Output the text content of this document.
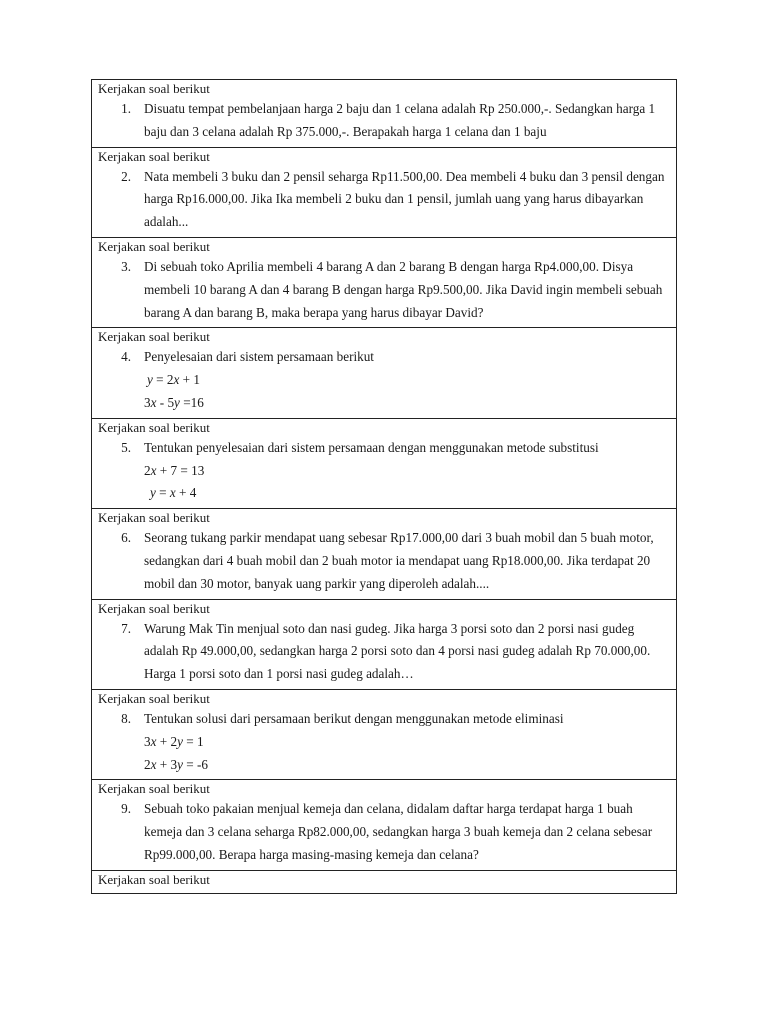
Kerjakan soal berikut
1. Disuatu tempat pembelanjaan harga 2 baju dan 1 celana adalah Rp 250.000,-. Sedangkan harga 1 baju dan 3 celana adalah Rp 375.000,-. Berapakah harga 1 celana dan 1 baju
Kerjakan soal berikut
2. Nata membeli 3 buku dan 2 pensil seharga Rp11.500,00. Dea membeli 4 buku dan 3 pensil dengan harga Rp16.000,00. Jika Ika membeli 2 buku dan 1 pensil, jumlah uang yang harus dibayarkan adalah...
Kerjakan soal berikut
3. Di sebuah toko Aprilia membeli 4 barang A dan 2 barang B dengan harga Rp4.000,00. Disya membeli 10 barang A dan 4 barang B dengan harga Rp9.500,00. Jika David ingin membeli sebuah barang A dan barang B, maka berapa yang harus dibayar David?
Kerjakan soal berikut
4. Penyelesaian dari sistem persamaan berikut
y = 2x + 1
3x - 5y =16
Kerjakan soal berikut
5. Tentukan penyelesaian dari sistem persamaan dengan menggunakan metode substitusi
2x + 7 = 13
y = x + 4
Kerjakan soal berikut
6. Seorang tukang parkir mendapat uang sebesar Rp17.000,00 dari 3 buah mobil dan 5 buah motor, sedangkan dari 4 buah mobil dan 2 buah motor ia mendapat uang Rp18.000,00. Jika terdapat 20 mobil dan 30 motor, banyak uang parkir yang diperoleh adalah....
Kerjakan soal berikut
7. Warung Mak Tin menjual soto dan nasi gudeg. Jika harga 3 porsi soto dan 2 porsi nasi gudeg adalah Rp 49.000,00, sedangkan harga 2 porsi soto dan 4 porsi nasi gudeg adalah Rp 70.000,00. Harga 1 porsi soto dan 1 porsi nasi gudeg adalah…
Kerjakan soal berikut
8. Tentukan solusi dari persamaan berikut dengan menggunakan metode eliminasi
3x + 2y = 1
2x + 3y = -6
Kerjakan soal berikut
9. Sebuah toko pakaian menjual kemeja dan celana, didalam daftar harga terdapat harga 1 buah kemeja dan 3 celana seharga Rp82.000,00, sedangkan harga 3 buah kemeja dan 2 celana sebesar Rp99.000,00. Berapa harga masing-masing kemeja dan celana?
Kerjakan soal berikut
